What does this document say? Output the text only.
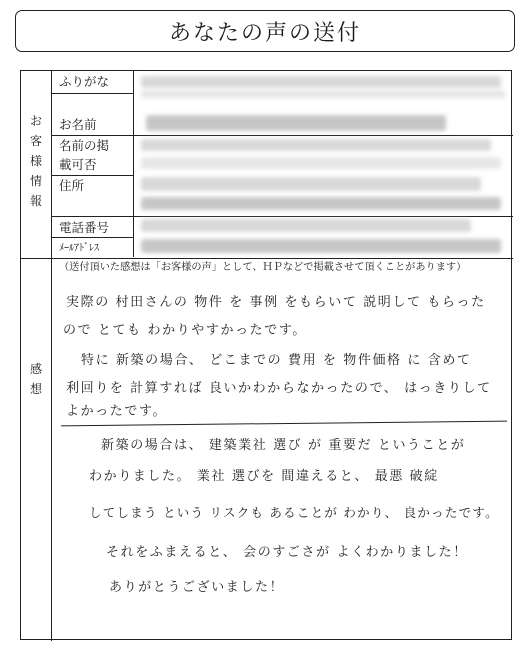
あなたの声の送付
お
客
様
情
報
ふりがな
お名前
名前の掲
載可否
住所
電話番号
ﾒｰﾙｱﾄﾞﾚｽ
感
想
（送付頂いた感想は「お客様の声」として、ＨＰなどで掲載させて頂くことがあります）
実際の 村田さんの 物件 を 事例 をもらいて 説明して もらった
ので とても わかりやすかったです。
特に 新築の場合、 どこまでの 費用 を 物件価格 に 含めて
利回りを 計算すれば 良いかわからなかったので、 はっきりして
よかったです。
新築の場合は、 建築業社 選び が 重要だ ということが
わかりました。 業社 選びを 間違えると、 最悪 破綻
してしまう という リスクも あることが わかり、 良かったです。
それをふまえると、 会のすごさが よくわかりました！
ありがとうございました！
